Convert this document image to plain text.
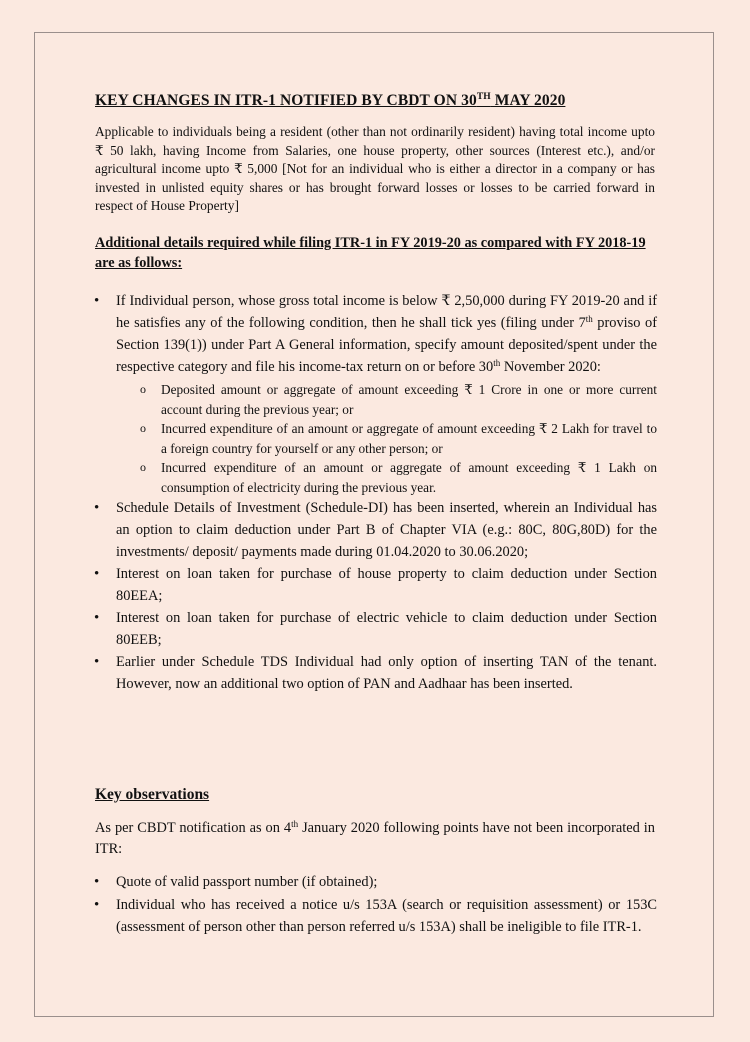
KEY CHANGES IN ITR-1 NOTIFIED BY CBDT ON 30TH MAY 2020
Applicable to individuals being a resident (other than not ordinarily resident) having total income upto ₹ 50 lakh, having Income from Salaries, one house property, other sources (Interest etc.), and/or agricultural income upto ₹ 5,000 [Not for an individual who is either a director in a company or has invested in unlisted equity shares or has brought forward losses or losses to be carried forward in respect of House Property]
Additional details required while filing ITR-1 in FY 2019-20 as compared with FY 2018-19 are as follows:
• If Individual person, whose gross total income is below ₹ 2,50,000 during FY 2019-20 and if he satisfies any of the following condition, then he shall tick yes (filing under 7th proviso of Section 139(1)) under Part A General information, specify amount deposited/spent under the respective category and file his income-tax return on or before 30th November 2020:
o Deposited amount or aggregate of amount exceeding ₹ 1 Crore in one or more current account during the previous year; or
o Incurred expenditure of an amount or aggregate of amount exceeding ₹ 2 Lakh for travel to a foreign country for yourself or any other person; or
o Incurred expenditure of an amount or aggregate of amount exceeding ₹ 1 Lakh on consumption of electricity during the previous year.
• Schedule Details of Investment (Schedule-DI) has been inserted, wherein an Individual has an option to claim deduction under Part B of Chapter VIA (e.g.: 80C, 80G,80D) for the investments/ deposit/ payments made during 01.04.2020 to 30.06.2020;
• Interest on loan taken for purchase of house property to claim deduction under Section 80EEA;
• Interest on loan taken for purchase of electric vehicle to claim deduction under Section 80EEB;
• Earlier under Schedule TDS Individual had only option of inserting TAN of the tenant. However, now an additional two option of PAN and Aadhaar has been inserted.
Key observations
As per CBDT notification as on 4th January 2020 following points have not been incorporated in ITR:
• Quote of valid passport number (if obtained);
• Individual who has received a notice u/s 153A (search or requisition assessment) or 153C (assessment of person other than person referred u/s 153A) shall be ineligible to file ITR-1.
